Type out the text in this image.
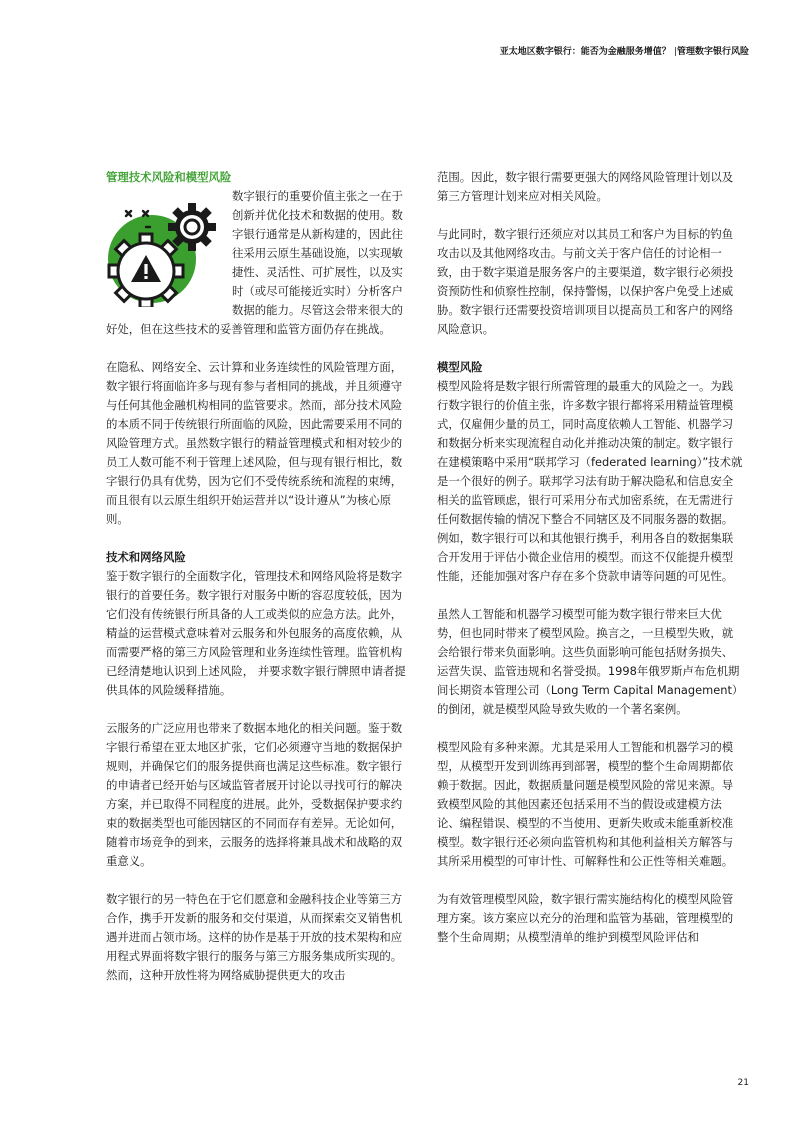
亚太地区数字银行：能否为金融服务增值？ |管理数字银行风险
管理技术风险和模型风险
数字银行的重要价值主张之一在于创新并优化技术和数据的使用。数字银行通常是从新构建的，因此往往采用云原生基础设施，以实现敏捷性、灵活性、可扩展性，以及实时（或尽可能接近实时）分析客户数据的能力。尽管这会带来很大的好处，但在这些技术的妥善管理和监管方面仍存在挑战。

在隐私、网络安全、云计算和业务连续性的风险管理方面，数字银行将面临许多与现有参与者相同的挑战，并且须遵守与任何其他金融机构相同的监管要求。然而，部分技术风险的本质不同于传统银行所面临的风险，因此需要采用不同的风险管理方式。虽然数字银行的精益管理模式和相对较少的员工人数可能不利于管理上述风险，但与现有银行相比，数字银行仍具有优势，因为它们不受传统系统和流程的束缚，而且很有以云原生组织开始运营并以“设计遵从”为核心原则。

技术和网络风险

鉴于数字银行的全面数字化，管理技术和网络风险将是数字银行的首要任务。数字银行对服务中断的容忍度较低，因为它们没有传统银行所具备的人工或类似的应急方法。此外，精益的运营模式意味着对云服务和外包服务的高度依赖，从而需要严格的第三方风险管理和业务连续性管理。监管机构已经清楚地认识到上述风险， 并要求数字银行牌照申请者提供具体的风险缓释措施。

云服务的广泛应用也带来了数据本地化的相关问题。鉴于数字银行希望在亚太地区扩张，它们必须遵守当地的数据保护规则，并确保它们的服务提供商也满足这些标准。数字银行的申请者已经开始与区域监管者展开讨论以寻找可行的解决方案，并已取得不同程度的进展。此外，受数据保护要求约束的数据类型也可能因辖区的不同而存有差异。无论如何，随着市场竞争的到来，云服务的选择将兼具战术和战略的双重意义。

数字银行的另一特色在于它们愿意和金融科技企业等第三方合作，携手开发新的服务和交付渠道，从而探索交叉销售机遇并进而占领市场。这样的协作是基于开放的技术架构和应用程式界面将数字银行的服务与第三方服务集成所实现的。然而，这种开放性将为网络威胁提供更大的攻击

范围。因此，数字银行需要更强大的网络风险管理计划以及第三方管理计划来应对相关风险。

与此同时，数字银行还须应对以其员工和客户为目标的钓鱼攻击以及其他网络攻击。与前文关于客户信任的讨论相一致，由于数字渠道是服务客户的主要渠道，数字银行必须投资预防性和侦察性控制，保持警惕，以保护客户免受上述威胁。数字银行还需要投资培训项目以提高员工和客户的网络风险意识。

模型风险

模型风险将是数字银行所需管理的最重大的风险之一。为践行数字银行的价值主张，许多数字银行都将采用精益管理模式，仅雇佣少量的员工，同时高度依赖人工智能、机器学习和数据分析来实现流程自动化并推动决策的制定。数字银行在建模策略中采用“联邦学习（federated learning）”技术就是一个很好的例子。联邦学习法有助于解决隐私和信息安全相关的监管顾虑，银行可采用分布式加密系统，在无需进行任何数据传输的情况下整合不同辖区及不同服务器的数据。例如，数字银行可以和其他银行携手，利用各自的数据集联合开发用于评估小微企业信用的模型。而这不仅能提升模型性能，还能加强对客户存在多个贷款申请等问题的可见性。

虽然人工智能和机器学习模型可能为数字银行带来巨大优势，但也同时带来了模型风险。换言之，一旦模型失败，就会给银行带来负面影响。这些负面影响可能包括财务损失、运营失误、监管违规和名誉受损。1998年俄罗斯卢布危机期间长期资本管理公司（Long Term Capital Management）的倒闭，就是模型风险导致失败的一个著名案例。

模型风险有多种来源。尤其是采用人工智能和机器学习的模型，从模型开发到训练再到部署，模型的整个生命周期都依赖于数据。因此，数据质量问题是模型风险的常见来源。导致模型风险的其他因素还包括采用不当的假设或建模方法论、编程错误、模型的不当使用、更新失败或未能重新校准模型。数字银行还必须向监管机构和其他利益相关方解答与其所采用模型的可审计性、可解释性和公正性等相关难题。

为有效管理模型风险，数字银行需实施结构化的模型风险管理方案。该方案应以充分的治理和监管为基础，管理模型的整个生命周期；从模型清单的维护到模型风险评估和

21
